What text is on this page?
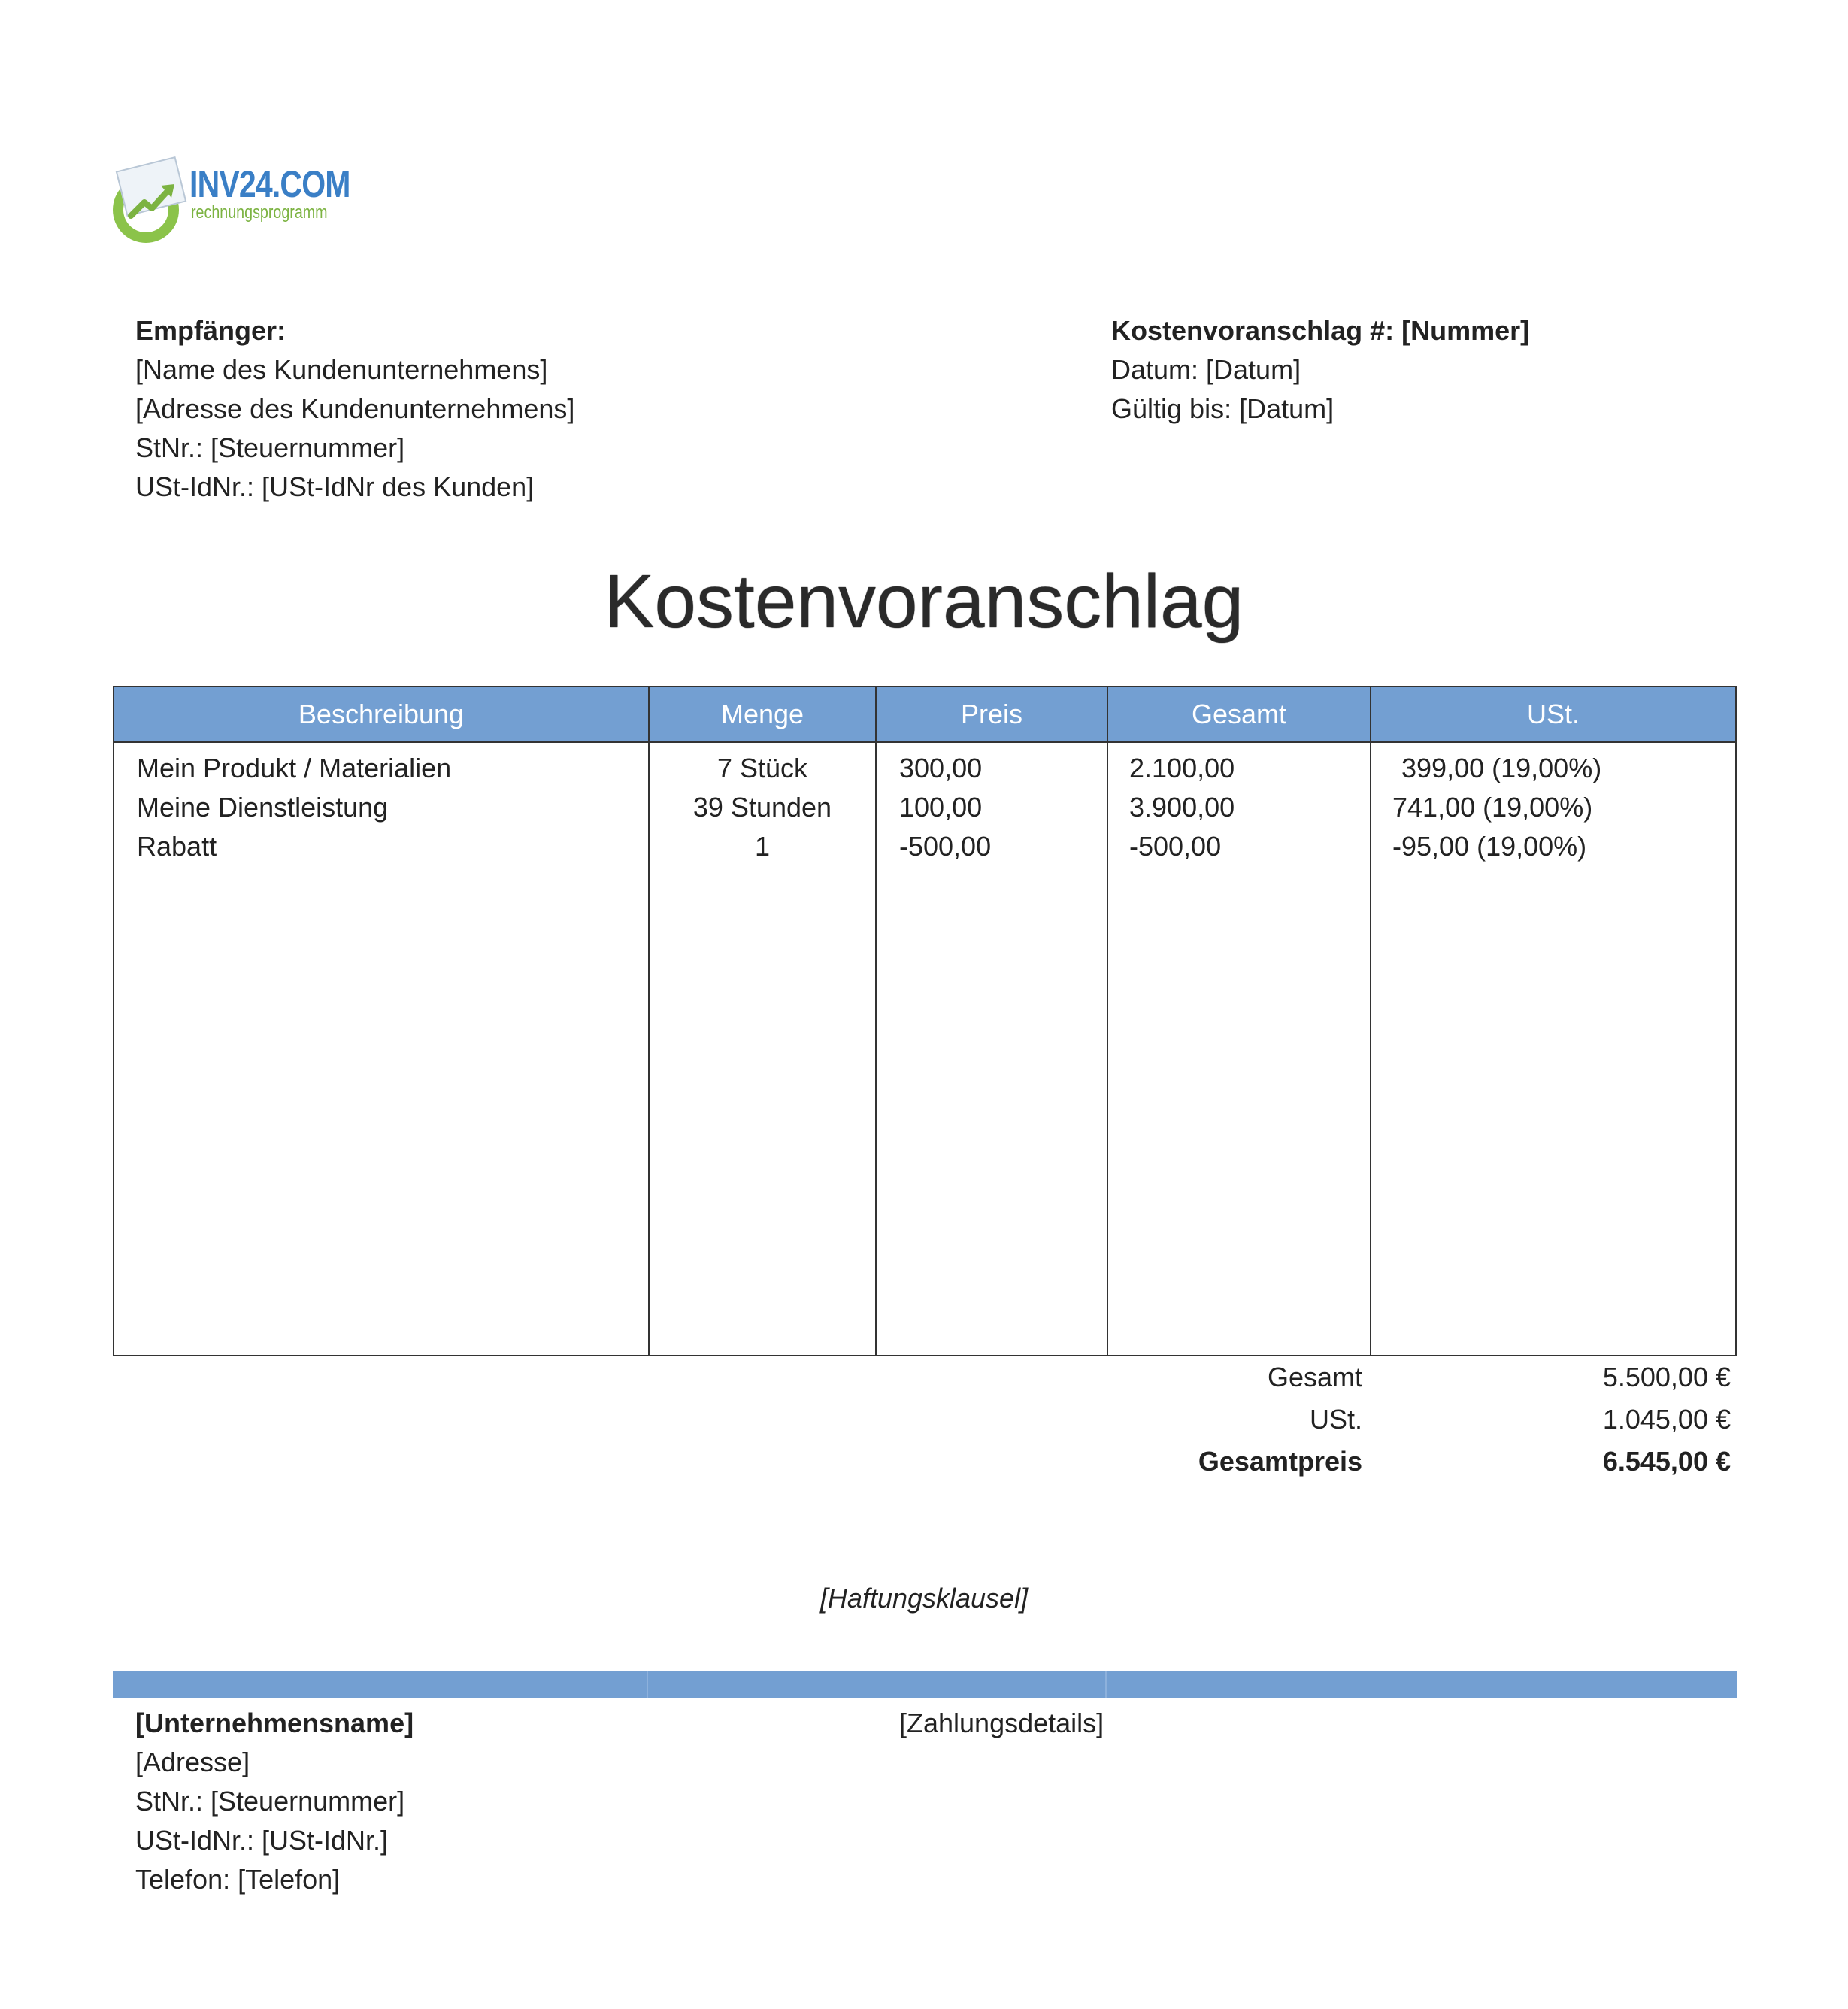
INV24.COM
rechnungsprogramm
Empfänger:
[Name des Kundenunternehmens]
[Adresse des Kundenunternehmens]
StNr.: [Steuernummer]
USt-IdNr.: [USt-IdNr des Kunden]
Kostenvoranschlag #: [Nummer]
Datum: [Datum]
Gültig bis: [Datum]
Kostenvoranschlag
Beschreibung	Menge	Preis	Gesamt	USt.
Mein Produkt / Materialien	7 Stück	300,00	2.100,00	399,00 (19,00%)
Meine Dienstleistung	39 Stunden	100,00	3.900,00	741,00 (19,00%)
Rabatt	1	-500,00	-500,00	-95,00 (19,00%)
Gesamt	5.500,00 €
USt.	1.045,00 €
Gesamtpreis	6.545,00 €
[Haftungsklausel]
[Unternehmensname]
[Adresse]
StNr.: [Steuernummer]
USt-IdNr.: [USt-IdNr.]
Telefon: [Telefon]
[Zahlungsdetails]
